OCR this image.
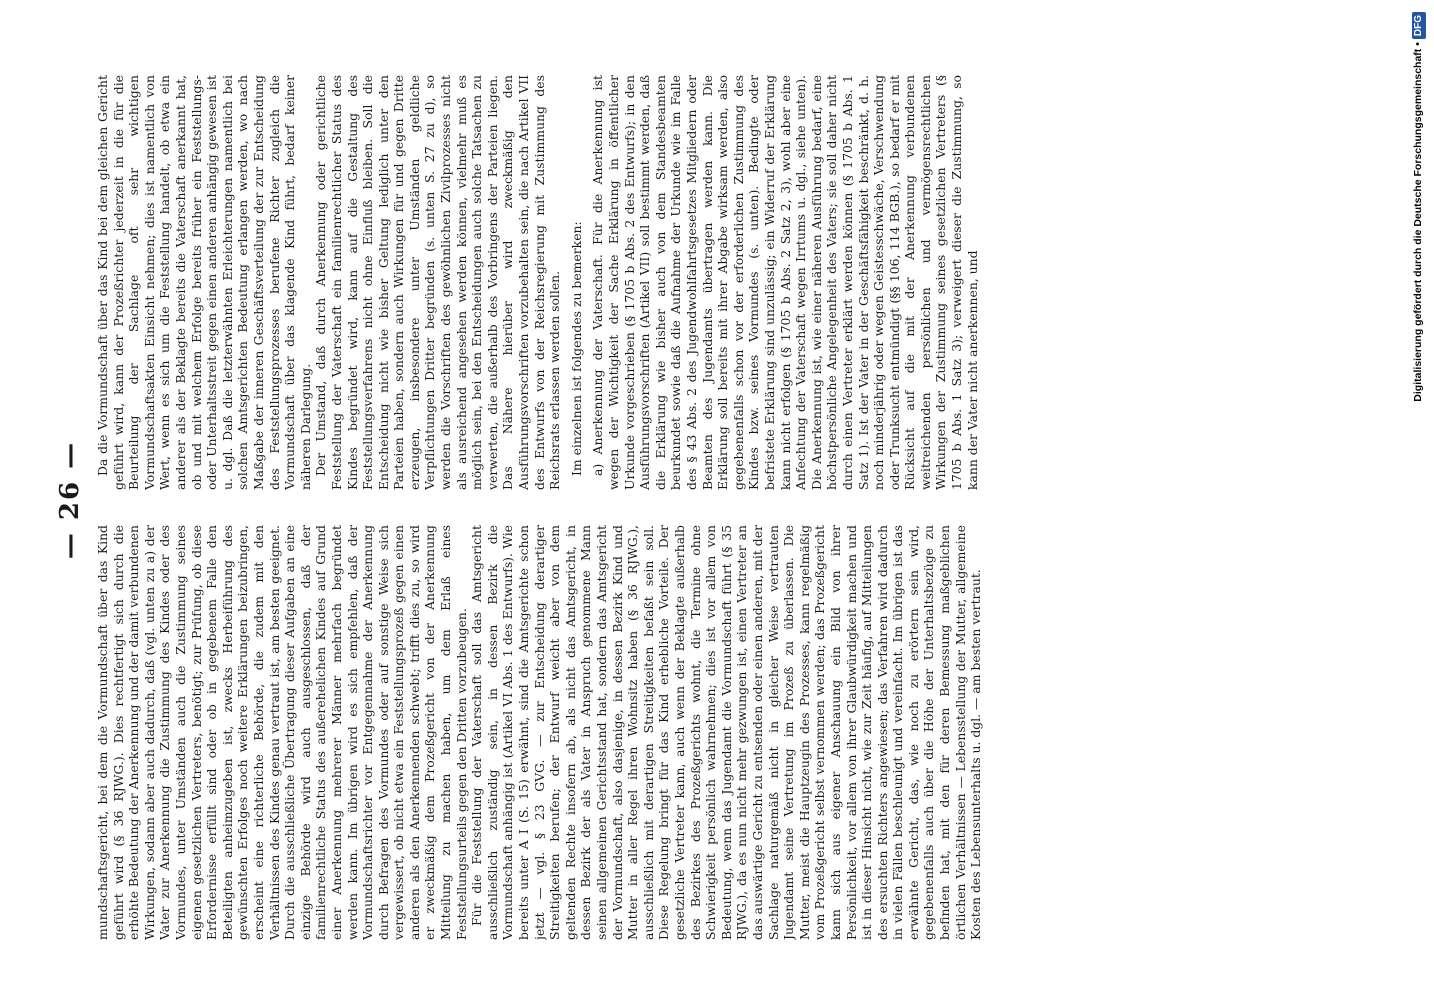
— 26 —

mundschaftsgericht, bei dem die Vormundschaft über das Kind geführt wird (§ 36 RJWG.). Dies rechtfertigt sich durch die erhöhte Bedeutung der Anerkennung und der damit verbundenen Wirkungen, sodann aber auch dadurch, daß (vgl. unten zu a) der Vater zur Anerkennung die Zustimmung des Kindes oder des Vormundes, unter Umständen auch die Zustimmung seines eigenen gesetzlichen Vertreters, benötigt; zur Prüfung, ob diese Erfordernisse erfüllt sind oder ob in gegebenem Falle den Beteiligten anheimzugeben ist, zwecks Herbeiführung des gewünschten Erfolges noch weitere Erklärungen beizubringen, erscheint eine richterliche Behörde, die zudem mit den Verhältnissen des Kindes genau vertraut ist, am besten geeignet. Durch die ausschließliche Übertragung dieser Aufgaben an eine einzige Behörde wird auch ausgeschlossen, daß der familienrechtliche Status des außerehelichen Kindes auf Grund einer Anerkennung mehrerer Männer mehrfach begründet werden kann. Im übrigen wird es sich empfehlen, daß der Vormundschaftsrichter vor Entgegennahme der Anerkennung durch Befragen des Vormundes oder auf sonstige Weise sich vergewissert, ob nicht etwa ein Feststellungsprozeß gegen einen anderen als den Anerkennenden schwebt; trifft dies zu, so wird er zweckmäßig dem Prozeßgericht von der Anerkennung Mitteilung zu machen haben, um dem Erlaß eines Feststellungsurteils gegen den Dritten vorzubeugen. Für die Feststellung der Vaterschaft soll das Amtsgericht ausschließlich zuständig sein, in dessen Bezirk die Vormundschaft anhängig ist (Artikel VI Abs. 1 des Entwurfs). Wie bereits unter A I (S. 15) erwähnt, sind die Amtsgerichte schon jetzt — vgl. § 23 GVG. — zur Entscheidung derartiger Streitigkeiten berufen; der Entwurf weicht aber von dem geltenden Rechte insofern ab, als nicht das Amtsgericht, in dessen Bezirk der als Vater in Anspruch genommene Mann seinen allgemeinen Gerichtsstand hat, sondern das Amtsgericht der Vormundschaft, also dasjenige, in dessen Bezirk Kind und Mutter in aller Regel ihren Wohnsitz haben (§ 36 RJWG.), ausschließlich mit derartigen Streitigkeiten befaßt sein soll. Diese Regelung bringt für das Kind erhebliche Vorteile. Der gesetzliche Vertreter kann, auch wenn der Beklagte außerhalb des Bezirkes des Prozeßgerichts wohnt, die Termine ohne Schwierigkeit persönlich wahrnehmen; dies ist vor allem von Bedeutung, wenn das Jugendamt die Vormundschaft führt (§ 35 RJWG.), da es nun nicht mehr gezwungen ist, einen Vertreter an das auswärtige Gericht zu entsenden oder einen anderen, mit der Sachlage naturgemäß nicht in gleicher Weise vertrauten Jugendamt seine Vertretung im Prozeß zu überlassen. Die Mutter, meist die Hauptzeugin des Prozesses, kann regelmäßig vom Prozeßgericht selbst vernommen werden; das Prozeßgericht kann sich aus eigener Anschauung ein Bild von ihrer Persönlichkeit, vor allem von ihrer Glaubwürdigkeit machen und ist in dieser Hinsicht nicht, wie zur Zeit häufig, auf Mitteilungen des ersuchten Richters angewiesen; das Verfahren wird dadurch in vielen Fällen beschleunigt und vereinfacht. Im übrigen ist das erwähnte Gericht, das, wie noch zu erörtern sein wird, gegebenenfalls auch über die Höhe der Unterhaltsbezüge zu befinden hat, mit den für deren Bemessung maßgeblichen örtlichen Verhältnissen — Lebensstellung der Mutter, allgemeine Kosten des Lebensunterhalts u. dgl. — am besten vertraut.

Da die Vormundschaft über das Kind bei dem gleichen Gericht geführt wird, kann der Prozeßrichter jederzeit in die für die Beurteilung der Sachlage oft sehr wichtigen Vormundschaftsakten Einsicht nehmen; dies ist namentlich von Wert, wenn es sich um die Feststellung handelt, ob etwa ein anderer als der Beklagte bereits die Vaterschaft anerkannt hat, ob und mit welchem Erfolge bereits früher ein Feststellungs- oder Unterhaltsstreit gegen einen anderen anhängig gewesen ist u. dgl. Daß die letzterwähnten Erleichterungen namentlich bei solchen Amtsgerichten Bedeutung erlangen werden, wo nach Maßgabe der inneren Geschäftsverteilung der zur Entscheidung des Feststellungsprozesses berufene Richter zugleich die Vormundschaft über das klagende Kind führt, bedarf keiner näheren Darlegung. Der Umstand, daß durch Anerkennung oder gerichtliche Feststellung der Vaterschaft ein familienrechtlicher Status des Kindes begründet wird, kann auf die Gestaltung des Feststellungsverfahrens nicht ohne Einfluß bleiben. Soll die Entscheidung nicht wie bisher Geltung lediglich unter den Parteien haben, sondern auch Wirkungen für und gegen Dritte erzeugen, insbesondere unter Umständen geldliche Verpflichtungen Dritter begründen (s. unten S. 27 zu d), so werden die Vorschriften des gewöhnlichen Zivilprozesses nicht als ausreichend angesehen werden können, vielmehr muß es möglich sein, bei den Entscheidungen auch solche Tatsachen zu verwerten, die außerhalb des Vorbringens der Parteien liegen. Das Nähere hierüber wird zweckmäßig den Ausführungsvorschriften vorzubehalten sein, die nach Artikel VII des Entwurfs von der Reichsregierung mit Zustimmung des Reichsrats erlassen werden sollen. Im einzelnen ist folgendes zu bemerken: a) Anerkennung der Vaterschaft. Für die Anerkennung ist wegen der Wichtigkeit der Sache Erklärung in öffentlicher Urkunde vorgeschrieben (§ 1705 b Abs. 2 des Entwurfs); in den Ausführungsvorschriften (Artikel VII) soll bestimmt werden, daß die Erklärung wie bisher auch von dem Standesbeamten beurkundet sowie daß die Aufnahme der Urkunde wie im Falle des § 43 Abs. 2 des Jugendwohlfahrtsgesetzes Mitgliedern oder Beamten des Jugendamts übertragen werden kann. Die Erklärung soll bereits mit ihrer Abgabe wirksam werden, also gegebenenfalls schon vor der erforderlichen Zustimmung des Kindes bzw. seines Vormundes (s. unten). Bedingte oder befristete Erklärung sind unzulässig; ein Widerruf der Erklärung kann nicht erfolgen (§ 1705 b Abs. 2 Satz 2, 3), wohl aber eine Anfechtung der Vaterschaft wegen Irrtums u. dgl., siehe unten). Die Anerkennung ist, wie einer näheren Ausführung bedarf, eine höchstpersönliche Angelegenheit des Vaters; sie soll daher nicht durch einen Vertreter erklärt werden können (§ 1705 b Abs. 1 Satz 1). Ist der Vater in der Geschäftsfähigkeit beschränkt, d. h. noch minderjährig oder wegen Geistesschwäche, Verschwendung oder Trunksucht entmündigt (§§ 106, 114 BGB.), so bedarf er mit Rücksicht auf die mit der Anerkennung verbundenen weitreichenden persönlichen und vermögensrechtlichen Wirkungen der Zustimmung seines gesetzlichen Vertreters (§ 1705 b Abs. 1 Satz 3); verweigert dieser die Zustimmung, so kann der Vater nicht anerkennen, und	Digitalisierung gefördert durch die Deutsche Forschungsgemeinschaft •DFG
